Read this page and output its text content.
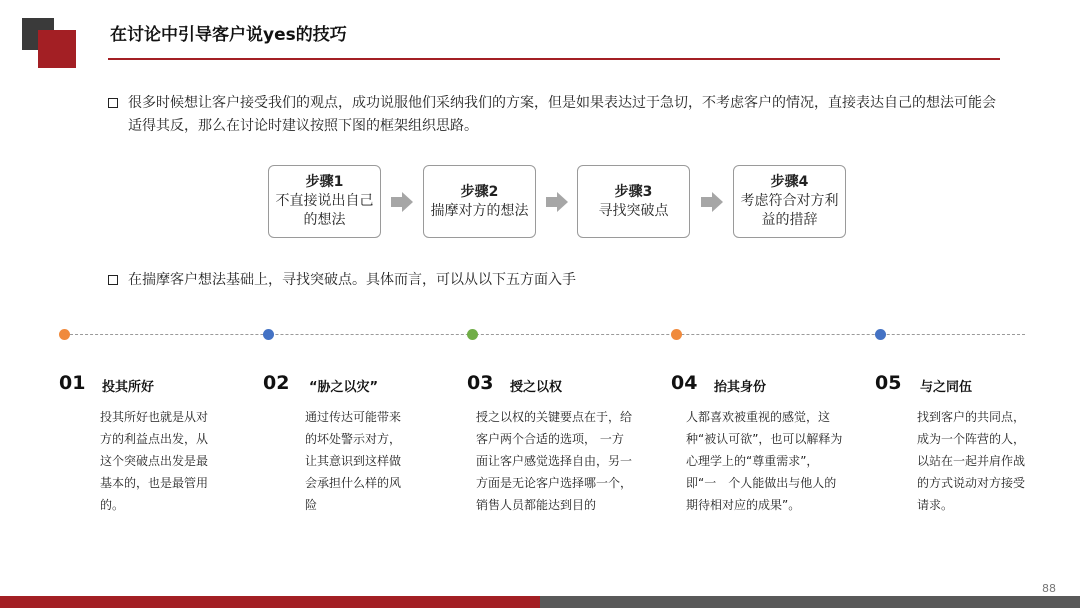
在讨论中引导客户说yes的技巧
很多时候想让客户接受我们的观点，成功说服他们采纳我们的方案，但是如果表达过于急切，不考虑客户的情况，直接表达自己的想法可能会适得其反，那么在讨论时建议按照下图的框架组织思路。
步骤1
不直接说出自己的想法
步骤2
揣摩对方的想法
步骤3
寻找突破点
步骤4
考虑符合对方利益的措辞
在揣摩客户想法基础上，寻找突破点。具体而言，可以从以下五方面入手
01 投其所好
投其所好也就是从对方的利益点出发，从这个突破点出发是最基本的，也是最管用的。
02 “胁之以灾”
通过传达可能带来的坏处警示对方，让其意识到这样做会承担什么样的风险
03 授之以权
授之以权的关键要点在于，给客户两个合适的选项， 一方面让客户感觉选择自由，另一方面是无论客户选择哪一个，销售人员都能达到目的
04 抬其身份
人都喜欢被重视的感觉，这种“被认可欲”，也可以解释为心理学上的“尊重需求”，即“一　个人能做出与他人的期待相对应的成果”。
05 与之同伍
找到客户的共同点，成为一个阵营的人，以站在一起并肩作战的方式说动对方接受请求。
88
